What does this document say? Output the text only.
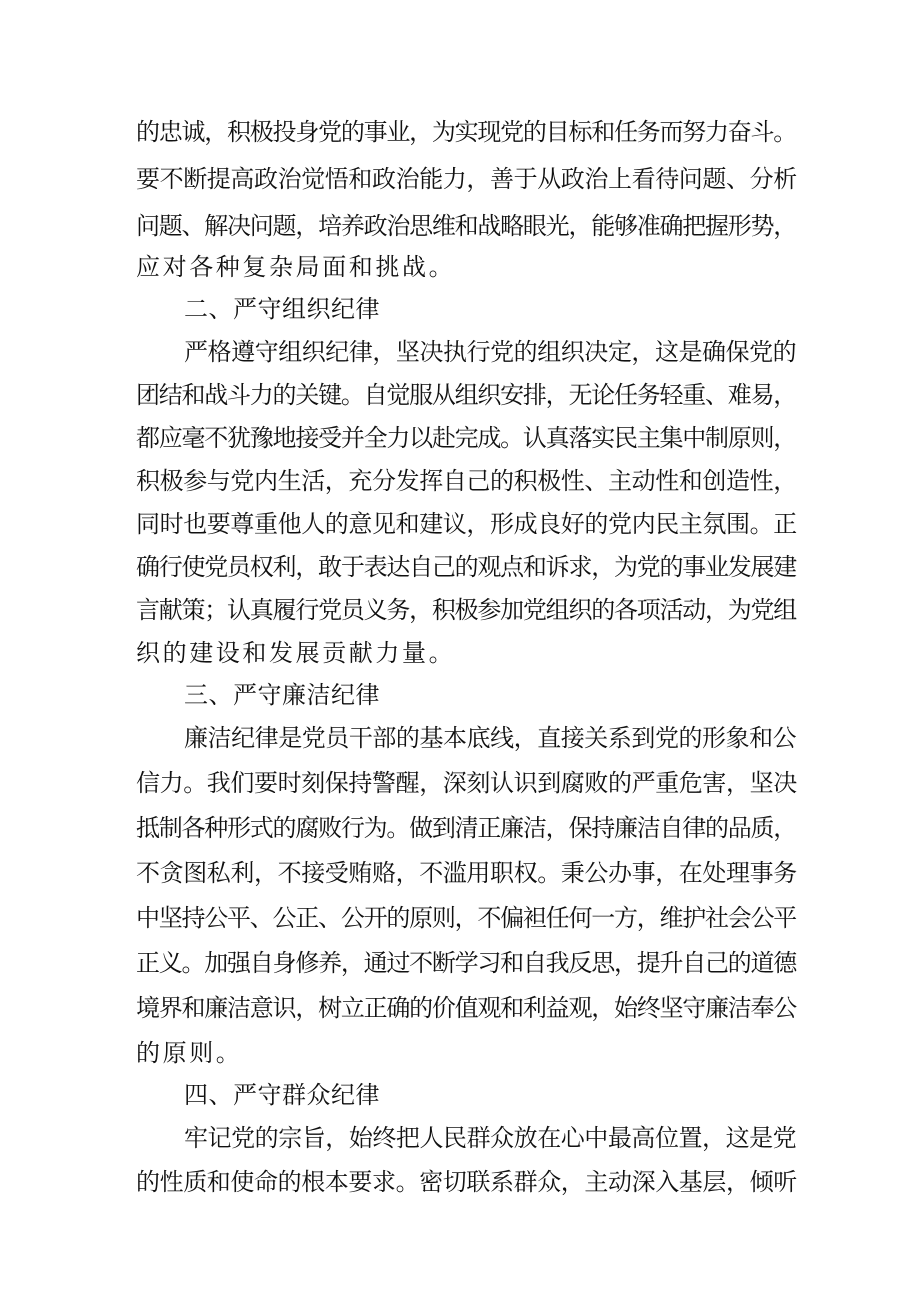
的忠诚，积极投身党的事业，为实现党的目标和任务而努力奋斗。
要不断提高政治觉悟和政治能力，善于从政治上看待问题、分析
问题、解决问题，培养政治思维和战略眼光，能够准确把握形势，
应对各种复杂局面和挑战。
二、严守组织纪律
严格遵守组织纪律，坚决执行党的组织决定，这是确保党的
团结和战斗力的关键。自觉服从组织安排，无论任务轻重、难易，
都应毫不犹豫地接受并全力以赴完成。认真落实民主集中制原则，
积极参与党内生活，充分发挥自己的积极性、主动性和创造性，
同时也要尊重他人的意见和建议，形成良好的党内民主氛围。正
确行使党员权利，敢于表达自己的观点和诉求，为党的事业发展建
言献策；认真履行党员义务，积极参加党组织的各项活动，为党组
织的建设和发展贡献力量。
三、严守廉洁纪律
廉洁纪律是党员干部的基本底线，直接关系到党的形象和公
信力。我们要时刻保持警醒，深刻认识到腐败的严重危害，坚决
抵制各种形式的腐败行为。做到清正廉洁，保持廉洁自律的品质，
不贪图私利，不接受贿赂，不滥用职权。秉公办事，在处理事务
中坚持公平、公正、公开的原则，不偏袒任何一方，维护社会公平
正义。加强自身修养，通过不断学习和自我反思，提升自己的道德
境界和廉洁意识，树立正确的价值观和利益观，始终坚守廉洁奉公
的原则。
四、严守群众纪律
牢记党的宗旨，始终把人民群众放在心中最高位置，这是党
的性质和使命的根本要求。密切联系群众，主动深入基层，倾听
